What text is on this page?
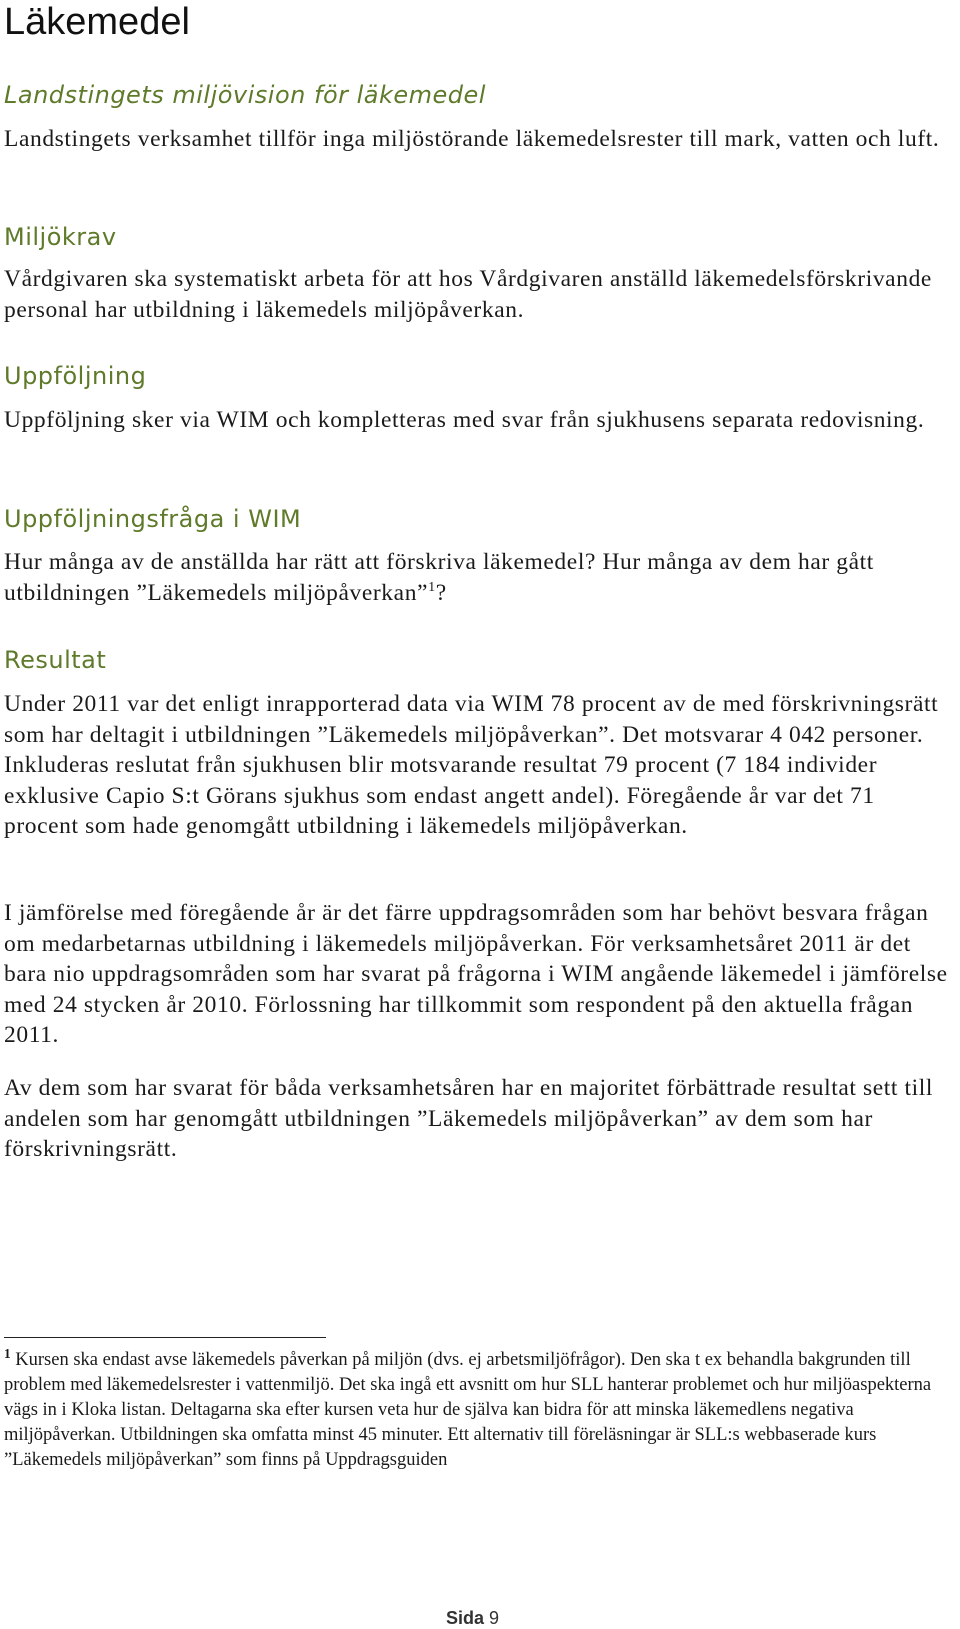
Läkemedel
Landstingets miljövision för läkemedel

Landstingets verksamhet tillför inga miljöstörande läkemedelsrester till mark, vatten och luft.

Miljökrav

Vårdgivaren ska systematiskt arbeta för att hos Vårdgivaren anställd läkemedelsförskrivande personal har utbildning i läkemedels miljöpåverkan.

Uppföljning

Uppföljning sker via WIM och kompletteras med svar från sjukhusens separata redovisning.

Uppföljningsfråga i WIM

Hur många av de anställda har rätt att förskriva läkemedel? Hur många av dem har gått utbildningen ”Läkemedels miljöpåverkan”$^1$?

Resultat

Under 2011 var det enligt inrapporterad data via WIM 78 procent av de med förskrivningsrätt som har deltagit i utbildningen ”Läkemedels miljöpåverkan”. Det motsvarar 4 042 personer. Inkluderas reslutat från sjukhusen blir motsvarande resultat 79 procent (7 184 individer exklusive Capio S:t Görans sjukhus som endast angett andel). Föregående år var det 71 procent som hade genomgått utbildning i läkemedels miljöpåverkan.

I jämförelse med föregående år är det färre uppdragsområden som har behövt besvara frågan om medarbetarnas utbildning i läkemedels miljöpåverkan. För verksamhetsåret 2011 är det bara nio uppdragsområden som har svarat på frågorna i WIM angående läkemedel i jämförelse med 24 stycken år 2010. Förlossning har tillkommit som respondent på den aktuella frågan 2011.

Av dem som har svarat för båda verksamhetsåren har en majoritet förbättrade resultat sett till andelen som har genomgått utbildningen ”Läkemedels miljöpåverkan” av dem som har förskrivningsrätt.

$^1$ Kursen ska endast avse läkemedels påverkan på miljön (dvs. ej arbetsmiljöfrågor). Den ska t ex behandla bakgrunden till problem med läkemedelsrester i vattenmiljö. Det ska ingå ett avsnitt om hur SLL hanterar problemet och hur miljöaspekterna vägs in i Kloka listan. Deltagarna ska efter kursen veta hur de själva kan bidra för att minska läkemedlens negativa miljöpåverkan. Utbildningen ska omfatta minst 45 minuter. Ett alternativ till föreläsningar är SLL:s webbaserade kurs ”Läkemedels miljöpåverkan” som finns på Uppdragsguiden

Sida 9
